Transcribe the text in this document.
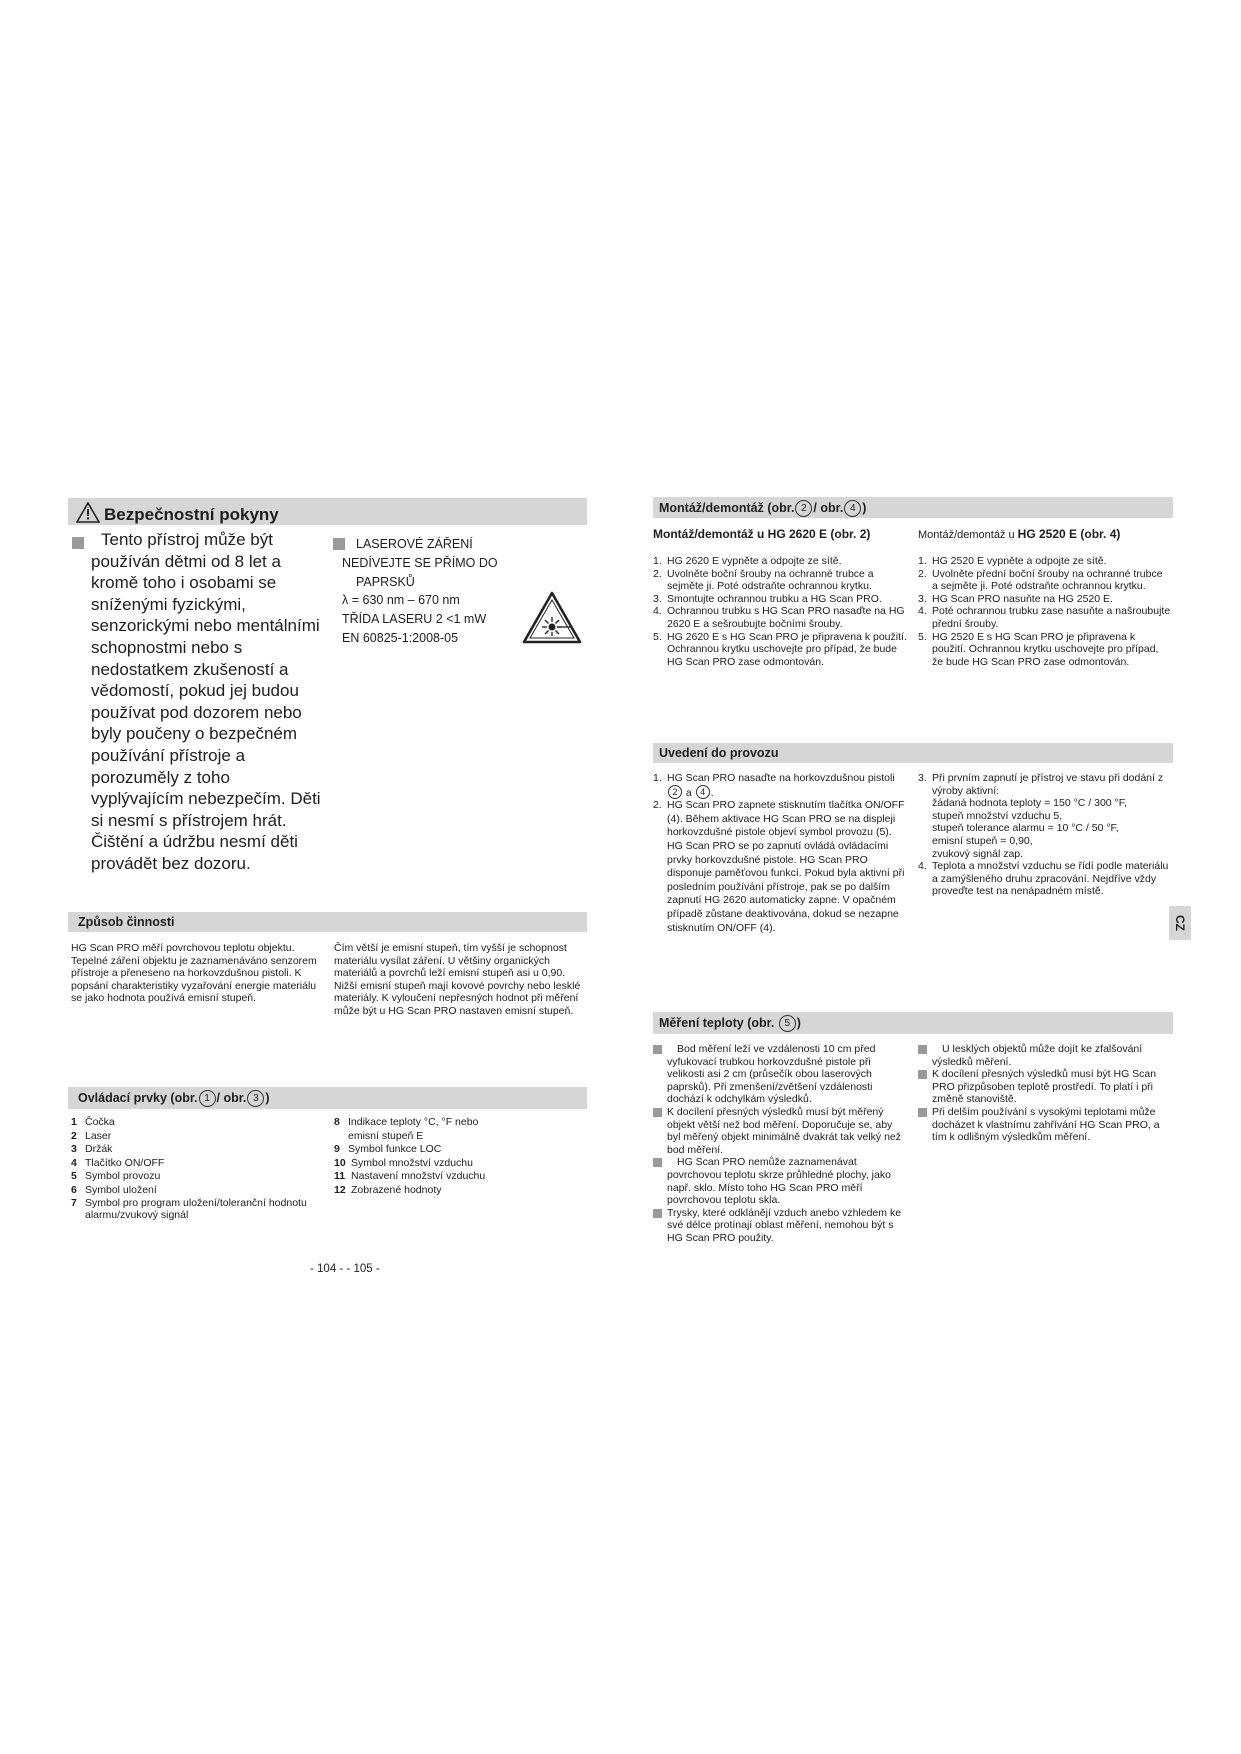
Bezpečnostní pokyny
Tento přístroj může být používán dětmi od 8 let a kromě toho i osobami se sníženými fyzickými, senzorickými nebo mentálními schopnostmi nebo s nedostatkem zkušeností a vědomostí, pokud jej budou používat pod dozorem nebo byly poučeny o bezpečném používání přístroje a porozuměly z toho vyplývajícím nebezpečím. Děti si nesmí s přístrojem hrát. Čištění a údržbu nesmí děti provádět bez dozoru.
LASEROVÉ ZÁŘENÍ
NEDÍVEJTE SE PŘÍMO DO
PAPRSKŮ
λ = 630 nm – 670 nm
TŘÍDA LASERU 2 <1 mW
EN 60825-1:2008-05
Způsob činnosti
HG Scan PRO měří povrchovou teplotu objektu. Tepelné záření objektu je zaznamenáváno senzorem přístroje a přeneseno na horkovzdušnou pistoli. K popsání charakteristiky vyzařování energie materiálu se jako hodnota používá emisní stupeň.
Čím větší je emisní stupeň, tím vyšší je schopnost materiálu vysílat záření. U většiny organických materiálů a povrchů leží emisní stupeň asi u 0,90. Nižší emisní stupeň mají kovové povrchy nebo lesklé materiály. K vyloučení nepřesných hodnot při měření může být u HG Scan PRO nastaven emisní stupeň.
Ovládací prvky (obr. 1 / obr. 3 )
1 Čočka
2 Laser
3 Držák
4 Tlačítko ON/OFF
5 Symbol provozu
6 Symbol uložení
7 Symbol pro program uložení/toleranční hodnotu alarmu/zvukový signál
8 Indikace teploty °C, °F nebo emisní stupeň E
9 Symbol funkce LOC
10 Symbol množství vzduchu
11 Nastavení množství vzduchu
12 Zobrazené hodnoty
- 104 - - 105 -
Montáž/demontáž (obr. 2 / obr. 4 )
Montáž/demontáž u HG 2620 E (obr. 2)	Montáž/demontáž u HG 2520 E (obr. 4)
1. HG 2620 E vypněte a odpojte ze sítě.
2. Uvolněte boční šrouby na ochranné trubce a sejměte ji. Poté odstraňte ochrannou krytku.
3. Smontujte ochrannou trubku a HG Scan PRO.
4. Ochrannou trubku s HG Scan PRO nasaďte na HG 2620 E a sešroubujte bočními šrouby.
5. HG 2620 E s HG Scan PRO je připravena k použití. Ochrannou krytku uschovejte pro případ, že bude HG Scan PRO zase odmontován.
1. HG 2520 E vypněte a odpojte ze sítě.
2. Uvolněte přední boční šrouby na ochranné trubce a sejměte ji. Poté odstraňte ochrannou krytku.
3. HG Scan PRO nasuňte na HG 2520 E.
4. Poté ochrannou trubku zase nasuňte a našroubujte přední šrouby.
5. HG 2520 E s HG Scan PRO je připravena k použití. Ochrannou krytku uschovejte pro případ, že bude HG Scan PRO zase odmontován.
Uvedení do provozu
1. HG Scan PRO nasaďte na horkovzdušnou pistoli 2 a 4 .
2. HG Scan PRO zapnete stisknutím tlačítka ON/OFF (4). Během aktivace HG Scan PRO se na displeji horkovzdušné pistole objeví symbol provozu (5). HG Scan PRO se po zapnutí ovládá ovládacími prvky horkovzdušné pistole. HG Scan PRO disponuje paměťovou funkcí. Pokud byla aktivní při posledním používání přístroje, pak se po dalším zapnutí HG 2620 automaticky zapne. V opačném případě zůstane deaktivována, dokud se nezapne stisknutím ON/OFF (4).
3. Při prvním zapnutí je přístroj ve stavu při dodání z výroby aktivní:
žádaná hodnota teploty = 150 °C / 300 °F,
stupeň množství vzduchu 5,
stupeň tolerance alarmu = 10 °C / 50 °F,
emisní stupeň = 0,90,
zvukový signál zap.
4. Teplota a množství vzduchu se řídí podle materiálu a zamýšleného druhu zpracování. Nejdříve vždy proveďte test na nenápadném místě.
CZ
Měření teploty (obr. 5 )
Bod měření leží ve vzdálenosti 10 cm před vyfukovací trubkou horkovzdušné pistole při velikosti asi 2 cm (průsečík obou laserových paprsků). Při zmenšení/zvětšení vzdálenosti dochází k odchylkám výsledků.
K docílení přesných výsledků musí být měřený objekt větší než bod měření. Doporučuje se, aby byl měřený objekt minimálně dvakrát tak velký než bod měření.
HG Scan PRO nemůže zaznamenávat povrchovou teplotu skrze průhledné plochy, jako např. sklo. Místo toho HG Scan PRO měří povrchovou teplotu skla.
Trysky, které odklánějí vzduch anebo vzhledem ke své délce protínají oblast měření, nemohou být s HG Scan PRO použity.
U lesklých objektů může dojít ke zfalšování výsledků měření.
K docílení přesných výsledků musí být HG Scan PRO přizpůsoben teplotě prostředí. To platí i při změně stanoviště.
Při delším používání s vysokými teplotami může docházet k vlastnímu zahřívání HG Scan PRO, a tím k odlišným výsledkům měření.
